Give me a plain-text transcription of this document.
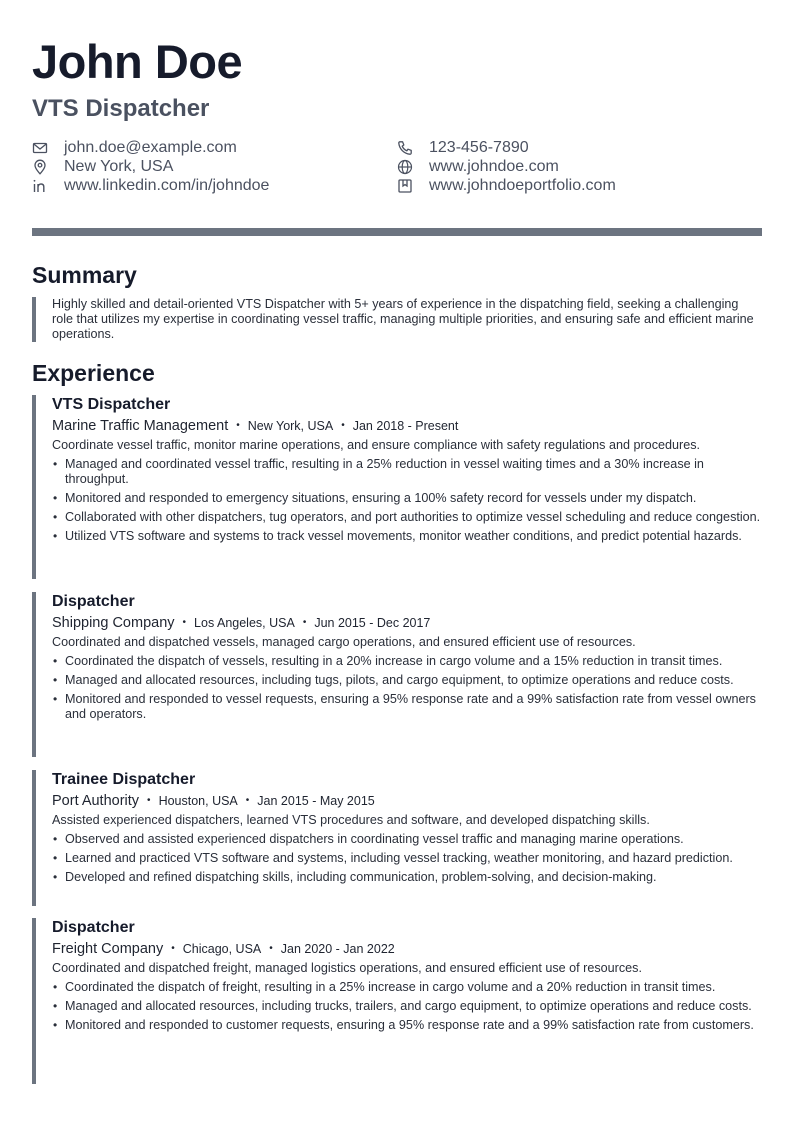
John Doe
VTS Dispatcher
john.doe@example.com	123-456-7890
New York, USA	www.johndoe.com
www.linkedin.com/in/johndoe	www.johndoeportfolio.com
Summary
Highly skilled and detail-oriented VTS Dispatcher with 5+ years of experience in the dispatching field, seeking a challenging role that utilizes my expertise in coordinating vessel traffic, managing multiple priorities, and ensuring safe and efficient marine operations.
Experience
VTS Dispatcher
Marine Traffic Management • New York, USA • Jan 2018 - Present
Coordinate vessel traffic, monitor marine operations, and ensure compliance with safety regulations and procedures.
• Managed and coordinated vessel traffic, resulting in a 25% reduction in vessel waiting times and a 30% increase in throughput.
• Monitored and responded to emergency situations, ensuring a 100% safety record for vessels under my dispatch.
• Collaborated with other dispatchers, tug operators, and port authorities to optimize vessel scheduling and reduce congestion.
• Utilized VTS software and systems to track vessel movements, monitor weather conditions, and predict potential hazards.
Dispatcher
Shipping Company • Los Angeles, USA • Jun 2015 - Dec 2017
Coordinated and dispatched vessels, managed cargo operations, and ensured efficient use of resources.
• Coordinated the dispatch of vessels, resulting in a 20% increase in cargo volume and a 15% reduction in transit times.
• Managed and allocated resources, including tugs, pilots, and cargo equipment, to optimize operations and reduce costs.
• Monitored and responded to vessel requests, ensuring a 95% response rate and a 99% satisfaction rate from vessel owners and operators.
Trainee Dispatcher
Port Authority • Houston, USA • Jan 2015 - May 2015
Assisted experienced dispatchers, learned VTS procedures and software, and developed dispatching skills.
• Observed and assisted experienced dispatchers in coordinating vessel traffic and managing marine operations.
• Learned and practiced VTS software and systems, including vessel tracking, weather monitoring, and hazard prediction.
• Developed and refined dispatching skills, including communication, problem-solving, and decision-making.
Dispatcher
Freight Company • Chicago, USA • Jan 2020 - Jan 2022
Coordinated and dispatched freight, managed logistics operations, and ensured efficient use of resources.
• Coordinated the dispatch of freight, resulting in a 25% increase in cargo volume and a 20% reduction in transit times.
• Managed and allocated resources, including trucks, trailers, and cargo equipment, to optimize operations and reduce costs.
• Monitored and responded to customer requests, ensuring a 95% response rate and a 99% satisfaction rate from customers.
